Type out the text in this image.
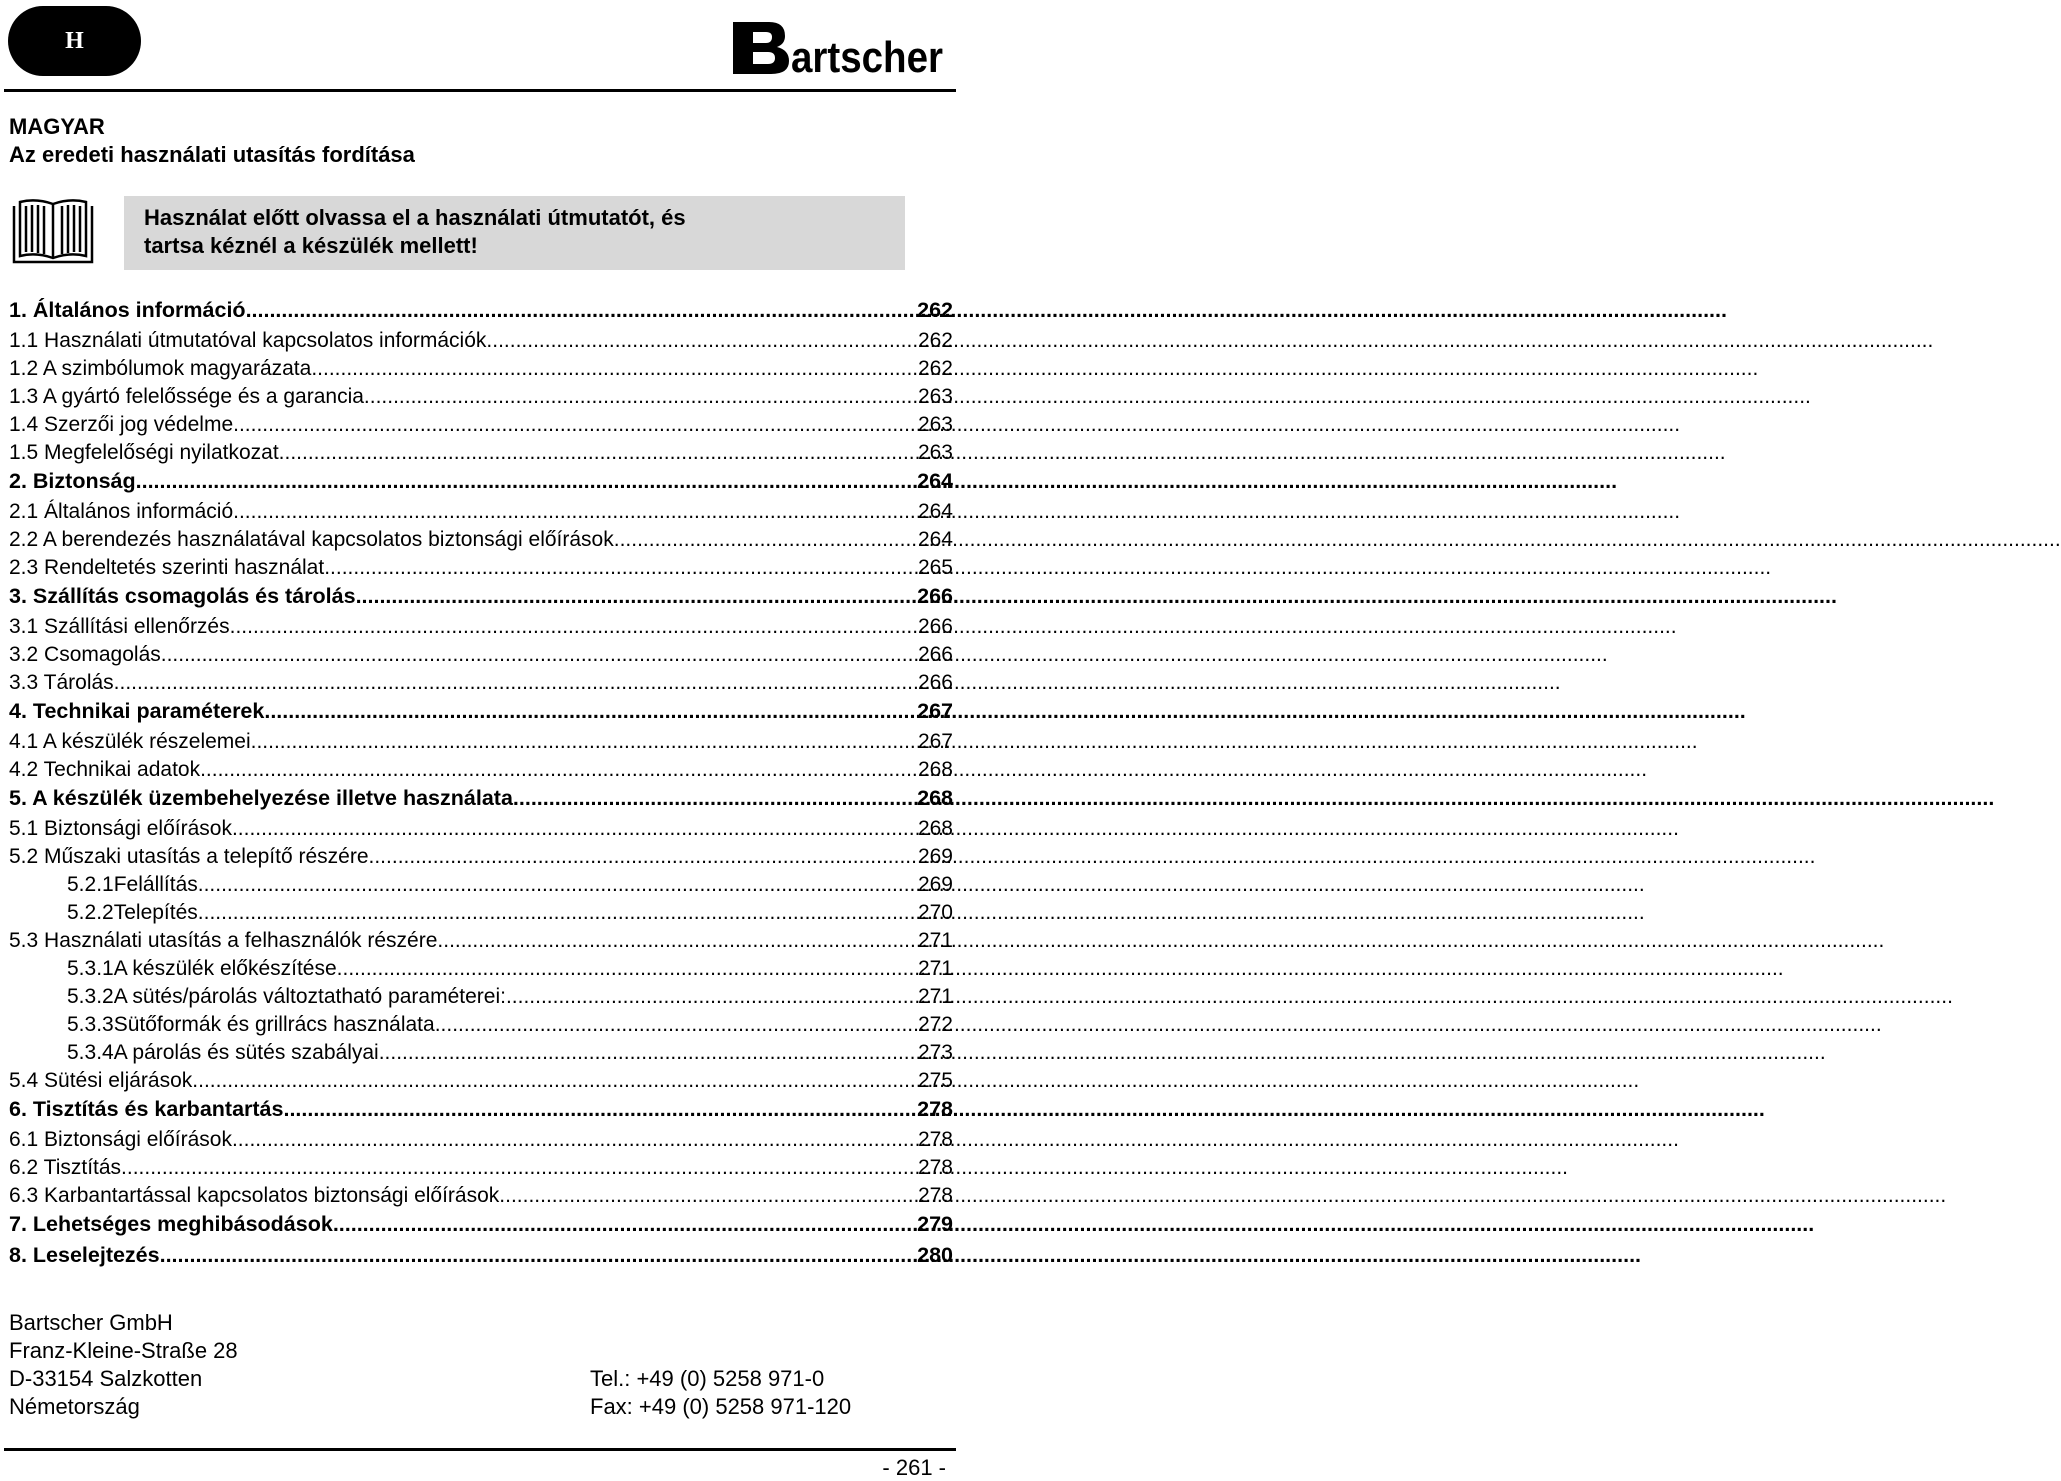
H	artscher
MAGYAR
Az eredeti használati utasítás fordítása
Használat előtt olvassa el a használati útmutatót, és
tartsa kéznél a készülék mellett!
1. Általános információ .....	262
1.1 Használati útmutatóval kapcsolatos információk .....	262
1.2 A szimbólumok magyarázata .....	262
1.3 A gyártó felelőssége és a garancia .....	263
1.4 Szerzői jog védelme .....	263
1.5 Megfelelőségi nyilatkozat .....	263
2. Biztonság .....	264
2.1 Általános információ .....	264
2.2 A berendezés használatával kapcsolatos biztonsági előírások .....	264
2.3 Rendeltetés szerinti használat .....	265
3. Szállítás csomagolás és tárolás .....	266
3.1 Szállítási ellenőrzés .....	266
3.2 Csomagolás .....	266
3.3 Tárolás .....	266
4. Technikai paraméterek .....	267
4.1 A készülék részelemei .....	267
4.2 Technikai adatok .....	268
5. A készülék üzembehelyezése illetve használata .....	268
5.1 Biztonsági előírások .....	268
5.2 Műszaki utasítás a telepítő részére .....	269
5.2.1 Felállítás .....	269
5.2.2 Telepítés .....	270
5.3 Használati utasítás a felhasználók részére .....	271
5.3.1 A készülék előkészítése .....	271
5.3.2 A sütés/párolás változtatható paraméterei: .....	271
5.3.3 Sütőformák és grillrács használata .....	272
5.3.4 A párolás és sütés szabályai .....	273
5.4 Sütési eljárások .....	275
6. Tisztítás és karbantartás .....	278
6.1 Biztonsági előírások .....	278
6.2 Tisztítás .....	278
6.3 Karbantartással kapcsolatos biztonsági előírások .....	278
7. Lehetséges meghibásodások .....	279
8. Leselejtezés .....	280
Bartscher GmbH
Franz-Kleine-Straße 28
D-33154 Salzkotten
Németország
Tel.: +49 (0) 5258 971-0
Fax: +49 (0) 5258 971-120
- 261 -
